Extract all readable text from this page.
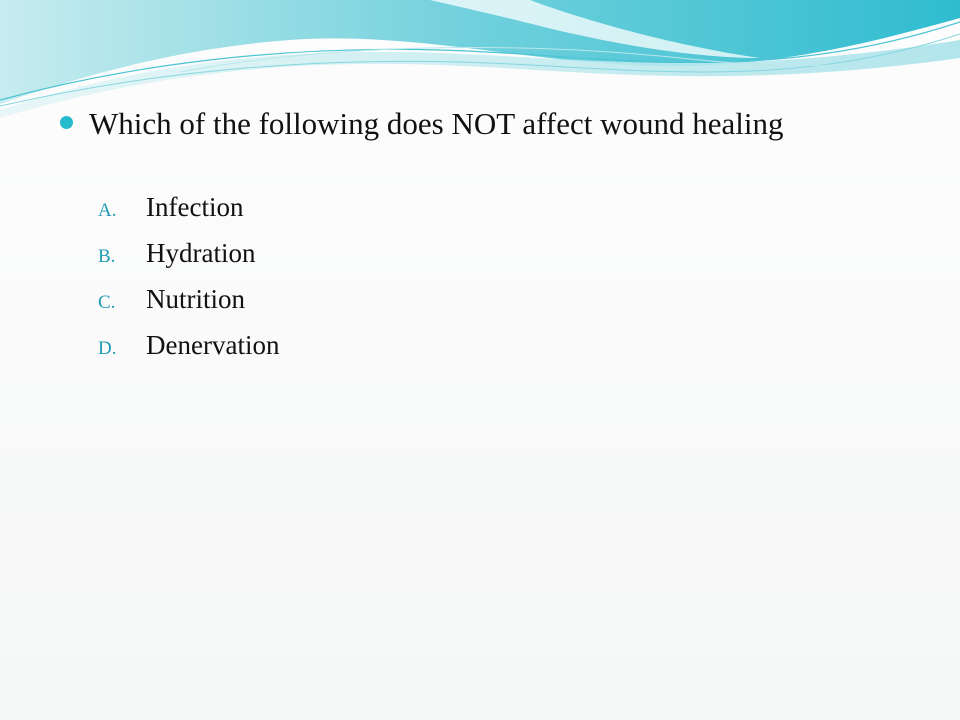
Which of the following does NOT affect wound healing
A.	Infection
B.	Hydration
C.	Nutrition
D.	Denervation
